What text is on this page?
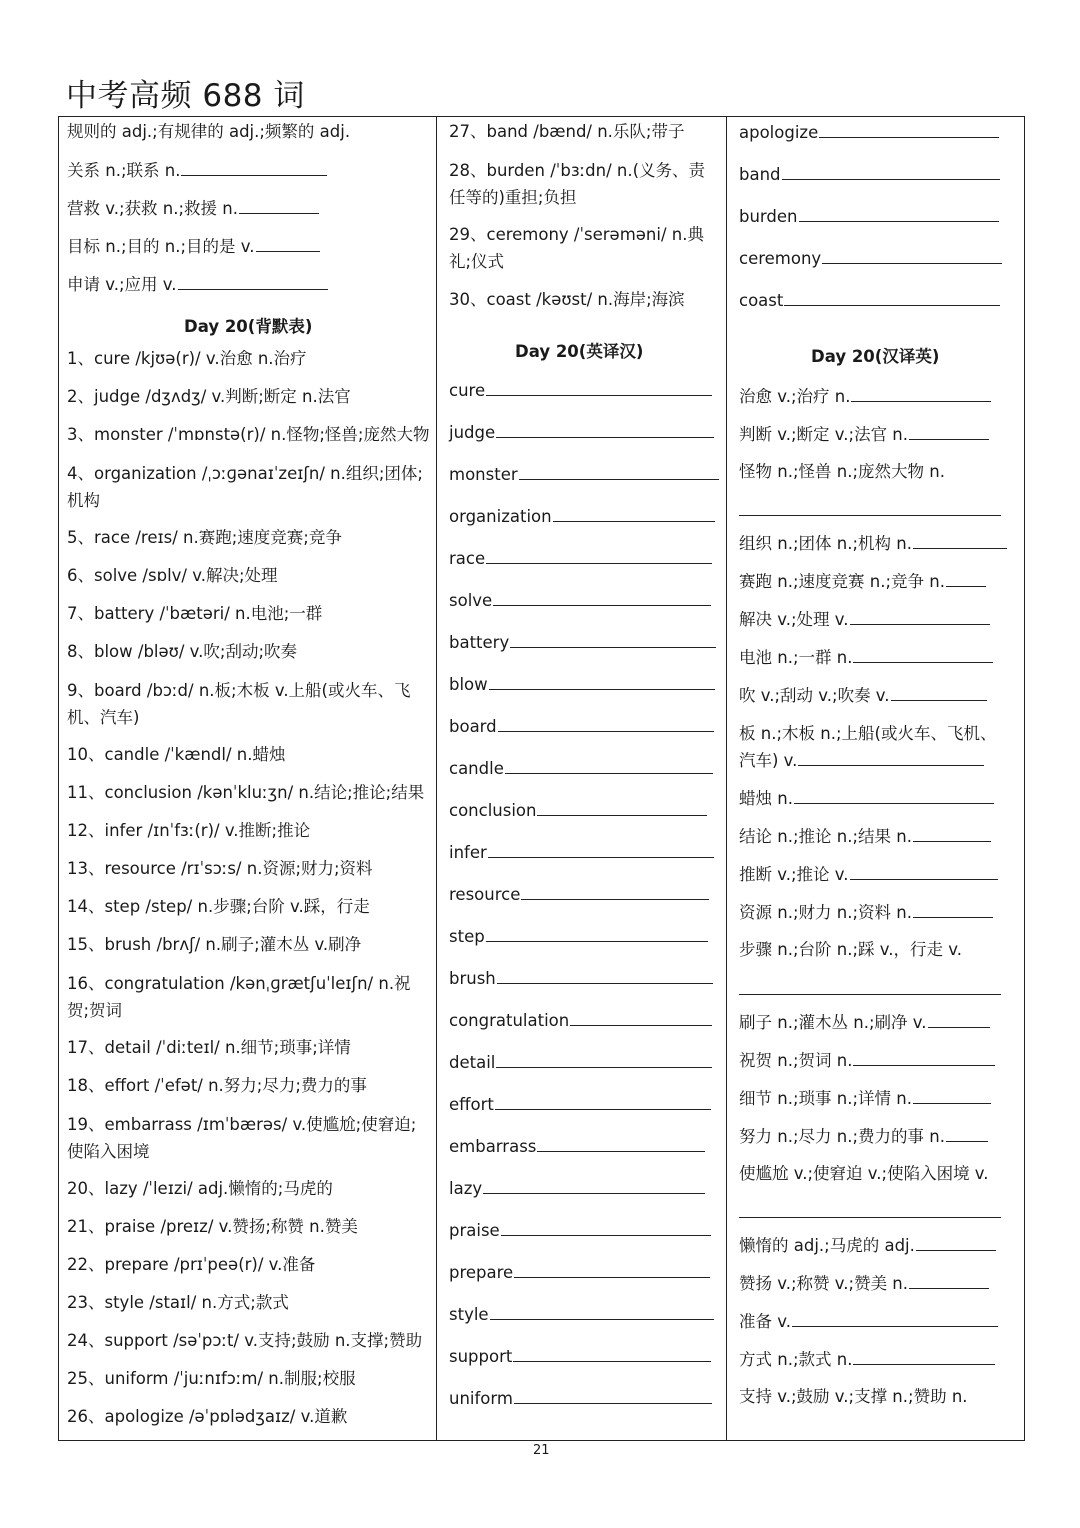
中考高频 688 词
规则的 adj.;有规律的 adj.;频繁的 adj.
关系 n.;联系 n.
营救 v.;获救 n.;救援 n.
目标 n.;目的 n.;目的是 v.
申请 v.;应用 v.
Day 20(背默表)
1、cure /kjʊə(r)/ v.治愈 n.治疗
2、judge /dʒʌdʒ/ v.判断;断定 n.法官
3、monster /ˈmɒnstə(r)/ n.怪物;怪兽;庞然大物
4、organization /ˌɔːɡənaɪˈzeɪʃn/ n.组织;团体;机构
5、race /reɪs/ n.赛跑;速度竞赛;竞争
6、solve /sɒlv/ v.解决;处理
7、battery /ˈbætəri/ n.电池;一群
8、blow /bləʊ/ v.吹;刮动;吹奏
9、board /bɔːd/ n.板;木板 v.上船(或火车、飞机、汽车)
10、candle /ˈkændl/ n.蜡烛
11、conclusion /kənˈkluːʒn/ n.结论;推论;结果
12、infer /ɪnˈfɜː(r)/ v.推断;推论
13、resource /rɪˈsɔːs/ n.资源;财力;资料
14、step /step/ n.步骤;台阶 v.踩，行走
15、brush /brʌʃ/ n.刷子;灌木丛 v.刷净
16、congratulation /kənˌɡrætʃuˈleɪʃn/ n.祝贺;贺词
17、detail /ˈdiːteɪl/ n.细节;琐事;详情
18、effort /ˈefət/ n.努力;尽力;费力的事
19、embarrass /ɪmˈbærəs/ v.使尴尬;使窘迫;使陷入困境
20、lazy /ˈleɪzi/ adj.懒惰的;马虎的
21、praise /preɪz/ v.赞扬;称赞 n.赞美
22、prepare /prɪˈpeə(r)/ v.准备
23、style /staɪl/ n.方式;款式
24、support /səˈpɔːt/ v.支持;鼓励 n.支撑;赞助
25、uniform /ˈjuːnɪfɔːm/ n.制服;校服
26、apologize /əˈpɒlədʒaɪz/ v.道歉
27、band /bænd/ n.乐队;带子
28、burden /ˈbɜːdn/ n.(义务、责任等的)重担;负担
29、ceremony /ˈserəməni/ n.典礼;仪式
30、coast /kəʊst/ n.海岸;海滨
Day 20(英译汉)
cure
judge
monster
organization
race
solve
battery
blow
board
candle
conclusion
infer
resource
step
brush
congratulation
detail
effort
embarrass
lazy
praise
prepare
style
support
uniform
apologize
band
burden
ceremony
coast
Day 20(汉译英)
治愈 v.;治疗 n.
判断 v.;断定 v.;法官 n.
怪物 n.;怪兽 n.;庞然大物 n.
组织 n.;团体 n.;机构 n.
赛跑 n.;速度竞赛 n.;竞争 n.
解决 v.;处理 v.
电池 n.;一群 n.
吹 v.;刮动 v.;吹奏 v.
板 n.;木板 n.;上船(或火车、飞机、汽车) v.
蜡烛 n.
结论 n.;推论 n.;结果 n.
推断 v.;推论 v.
资源 n.;财力 n.;资料 n.
步骤 n.;台阶 n.;踩 v.，行走 v.
刷子 n.;灌木丛 n.;刷净 v.
祝贺 n.;贺词 n.
细节 n.;琐事 n.;详情 n.
努力 n.;尽力 n.;费力的事 n.
使尴尬 v.;使窘迫 v.;使陷入困境 v.
懒惰的 adj.;马虎的 adj.
赞扬 v.;称赞 v.;赞美 n.
准备 v.
方式 n.;款式 n.
支持 v.;鼓励 v.;支撑 n.;赞助 n.
21
